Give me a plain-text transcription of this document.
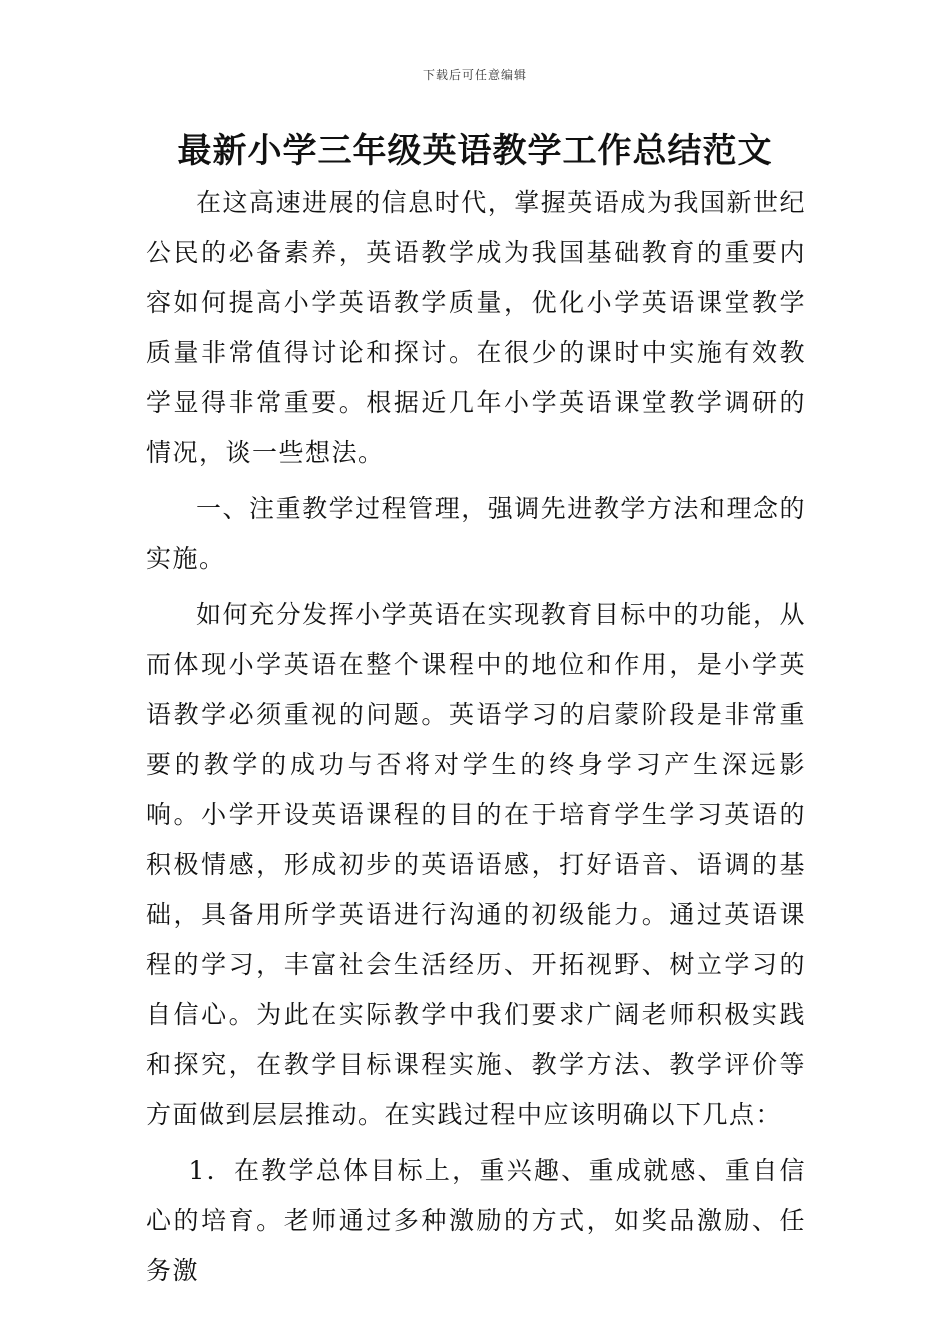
下载后可任意编辑
最新小学三年级英语教学工作总结范文

在这高速进展的信息时代，掌握英语成为我国新世纪公民的必备素养，英语教学成为我国基础教育的重要内容如何提高小学英语教学质量，优化小学英语课堂教学质量非常值得讨论和探讨。在很少的课时中实施有效教学显得非常重要。根据近几年小学英语课堂教学调研的情况，谈一些想法。

一、注重教学过程管理，强调先进教学方法和理念的实施。

如何充分发挥小学英语在实现教育目标中的功能，从而体现小学英语在整个课程中的地位和作用，是小学英语教学必须重视的问题。英语学习的启蒙阶段是非常重要的教学的成功与否将对学生的终身学习产生深远影响。小学开设英语课程的目的在于培育学生学习英语的积极情感，形成初步的英语语感，打好语音、语调的基础，具备用所学英语进行沟通的初级能力。通过英语课程的学习，丰富社会生活经历、开拓视野、树立学习的自信心。为此在实际教学中我们要求广阔老师积极实践和探究，在教学目标课程实施、教学方法、教学评价等方面做到层层推动。在实践过程中应该明确以下几点：

1．在教学总体目标上，重兴趣、重成就感、重自信心的培育。老师通过多种激励的方式，如奖品激励、任务激
